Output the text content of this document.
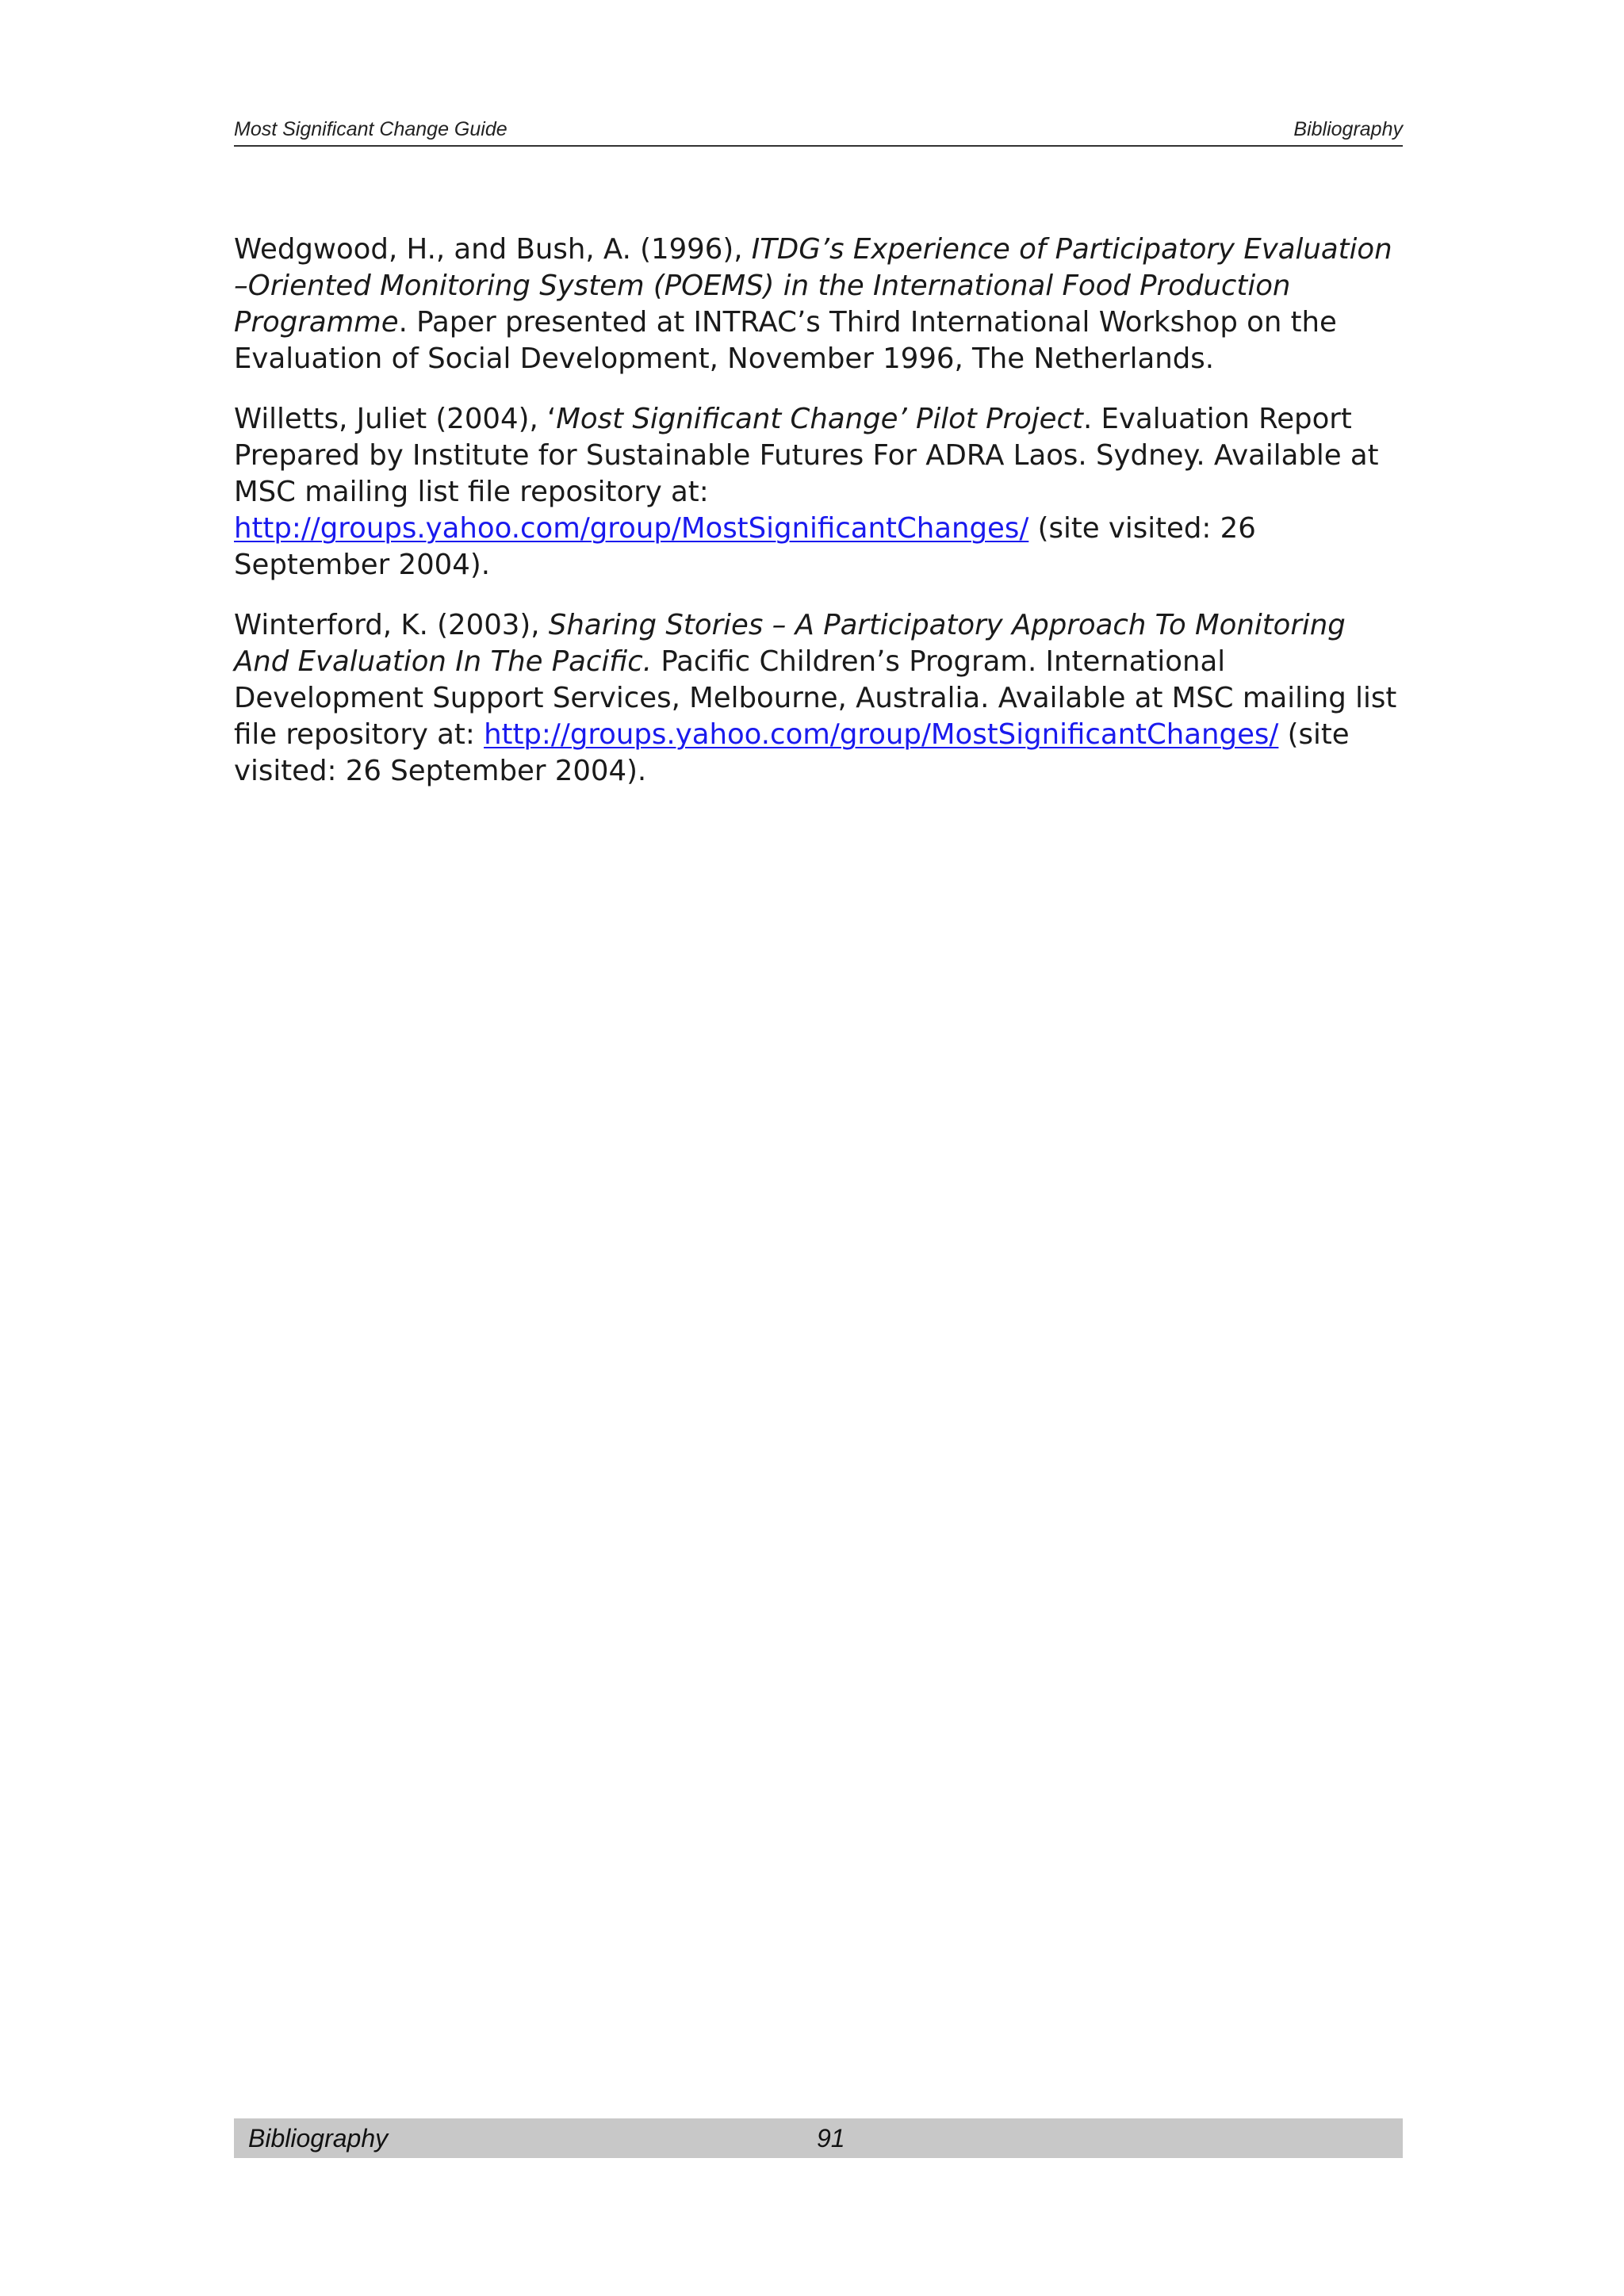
Most Significant Change Guide	Bibliography

Wedgwood, H., and Bush, A. (1996), ITDG’s Experience of Participatory Evaluation –Oriented Monitoring System (POEMS) in the International Food Production Programme. Paper presented at INTRAC’s Third International Workshop on the Evaluation of Social Development, November 1996, The Netherlands.

Willetts, Juliet (2004), ‘Most Significant Change’ Pilot Project. Evaluation Report Prepared by Institute for Sustainable Futures For ADRA Laos. Sydney. Available at MSC mailing list file repository at: http://groups.yahoo.com/group/MostSignificantChanges/ (site visited: 26 September 2004).

Winterford, K. (2003), Sharing Stories – A Participatory Approach To Monitoring And Evaluation In The Pacific. Pacific Children’s Program. International Development Support Services, Melbourne, Australia. Available at MSC mailing list file repository at: http://groups.yahoo.com/group/MostSignificantChanges/ (site visited: 26 September 2004).

Bibliography	91
